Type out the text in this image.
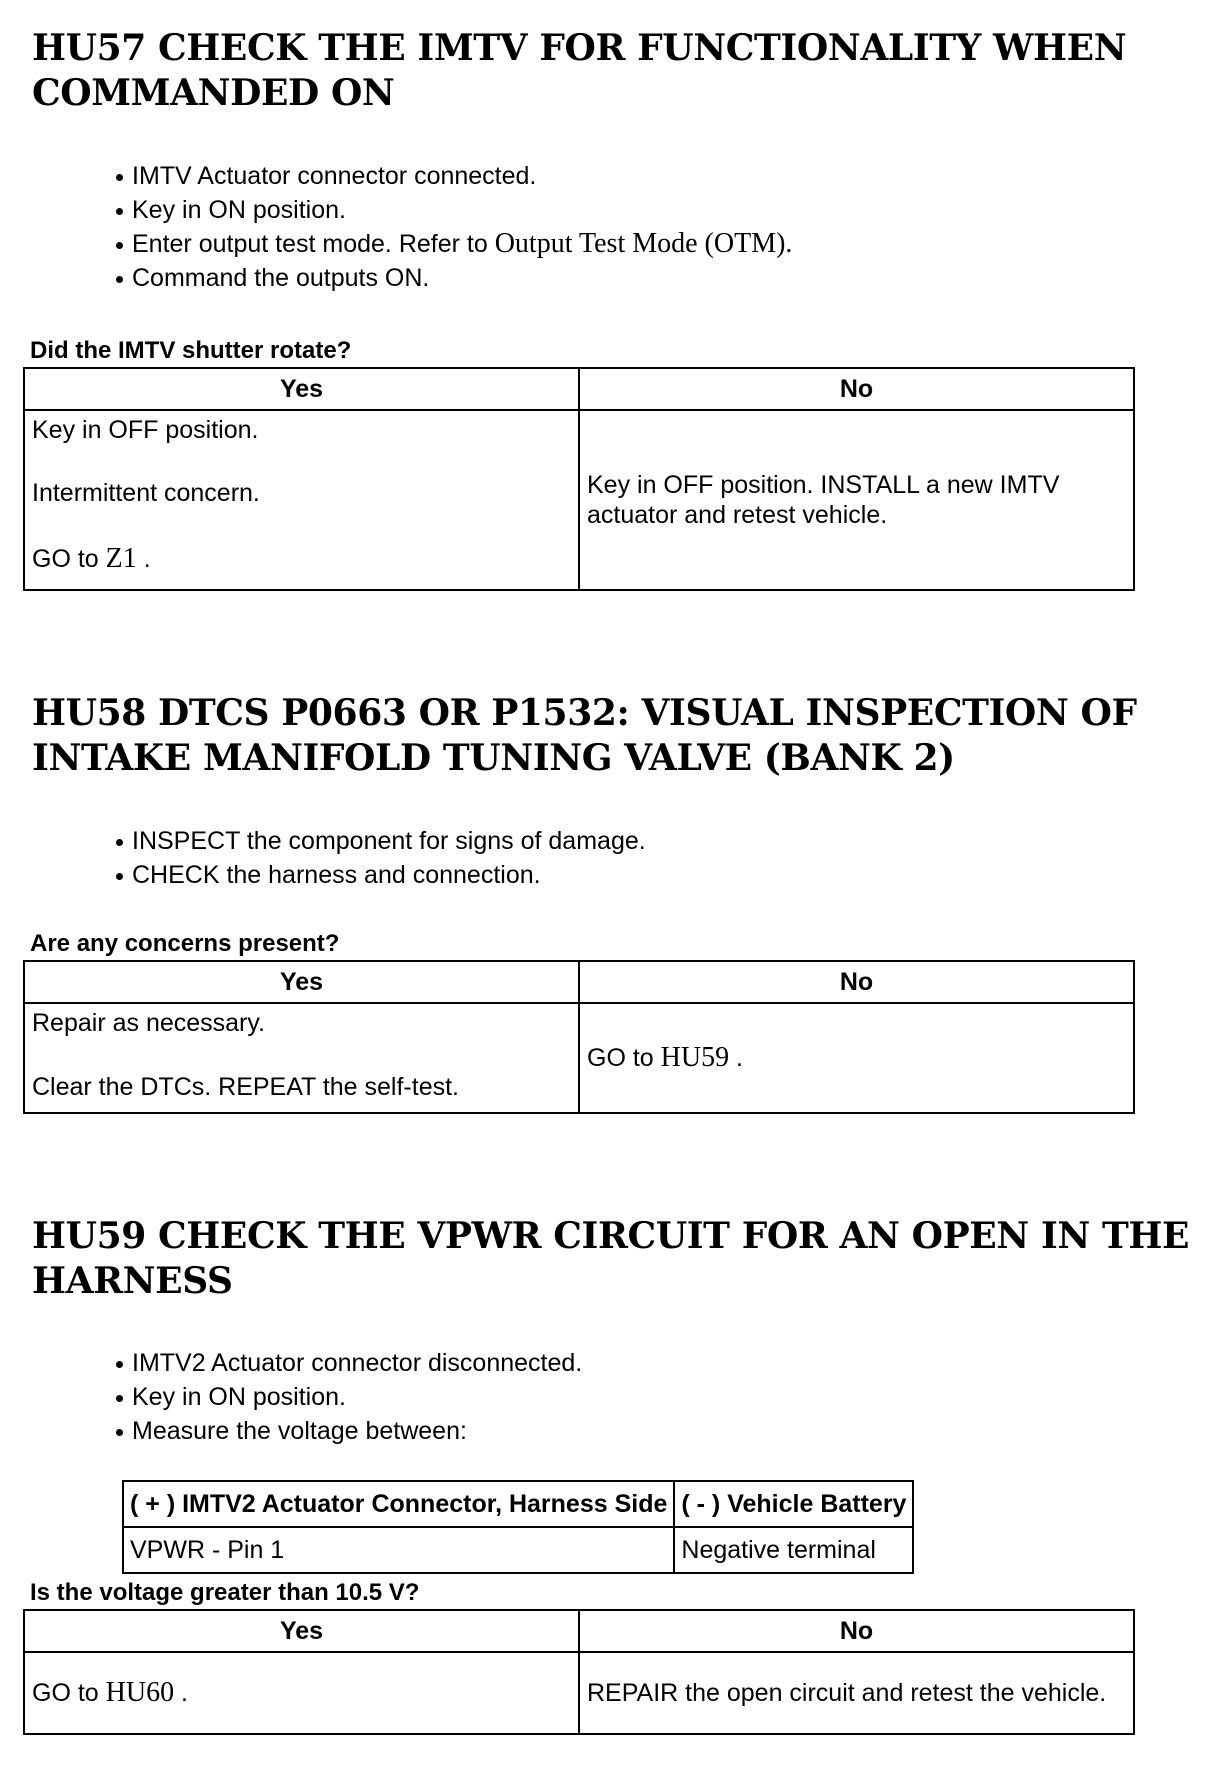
HU57 CHECK THE IMTV FOR FUNCTIONALITY WHEN COMMANDED ON
IMTV Actuator connector connected.
Key in ON position.
Enter output test mode. Refer to Output Test Mode (OTM).
Command the outputs ON.

Did the IMTV shutter rotate?

Yes	No

Key in OFF position.

Intermittent concern.

GO to Z1 .	Key in OFF position. INSTALL a new IMTV actuator and retest vehicle.

HU58 DTCS P0663 OR P1532: VISUAL INSPECTION OF INTAKE MANIFOLD TUNING VALVE (BANK 2)
INSPECT the component for signs of damage.
CHECK the harness and connection.

Are any concerns present?

Yes	No

Repair as necessary.

Clear the DTCs. REPEAT the self-test.	GO to HU59 .

HU59 CHECK THE VPWR CIRCUIT FOR AN OPEN IN THE HARNESS
IMTV2 Actuator connector disconnected.
Key in ON position.
Measure the voltage between:
( + ) IMTV2 Actuator Connector, Harness Side	( - ) Vehicle Battery
VPWR - Pin 1	Negative terminal

Is the voltage greater than 10.5 V?

Yes	No

GO to HU60 .	REPAIR the open circuit and retest the vehicle.
